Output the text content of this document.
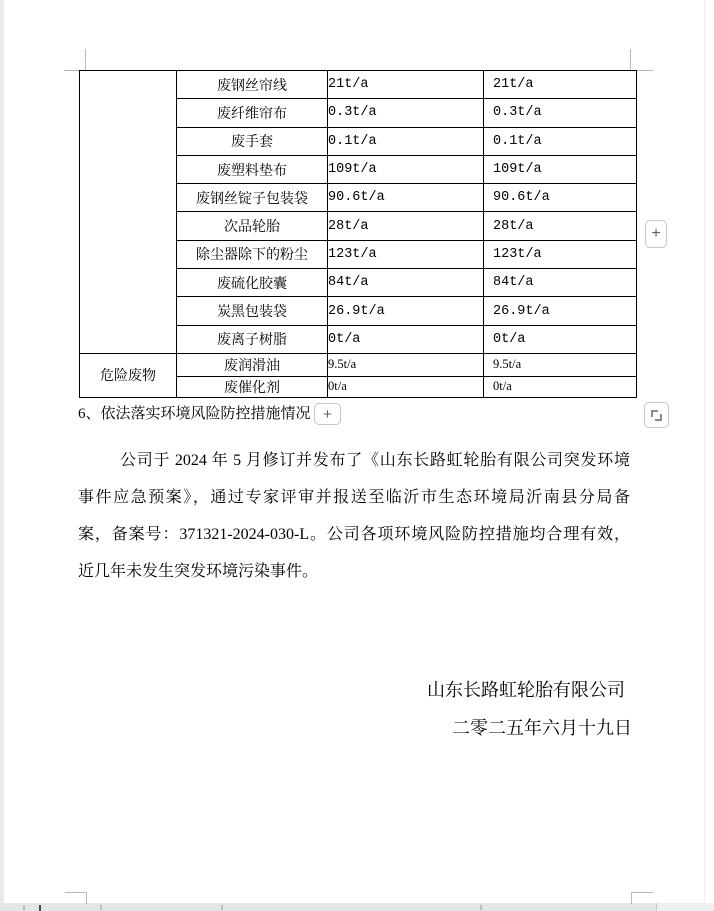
	废钢丝帘线	21t/a	21t/a
	废纤维帘布	0.3t/a	0.3t/a
	废手套	0.1t/a	0.1t/a
	废塑料垫布	109t/a	109t/a
	废钢丝锭子包装袋	90.6t/a	90.6t/a
	次品轮胎	28t/a	28t/a
	除尘器除下的粉尘	123t/a	123t/a
	废硫化胶囊	84t/a	84t/a
	炭黑包装袋	26.9t/a	26.9t/a
	废离子树脂	0t/a	0t/a
危险废物	废润滑油	9.5t/a	9.5t/a
	废催化剂	0t/a	0t/a
+
+
6、依法落实环境风险防控措施情况
公司于 2024 年 5 月修订并发布了《山东长路虹轮胎有限公司突发环境
事件应急预案》，通过专家评审并报送至临沂市生态环境局沂南县分局备
案，备案号：371321-2024-030-L。公司各项环境风险防控措施均合理有效，
近几年未发生突发环境污染事件。
山东长路虹轮胎有限公司
二零二五年六月十九日
